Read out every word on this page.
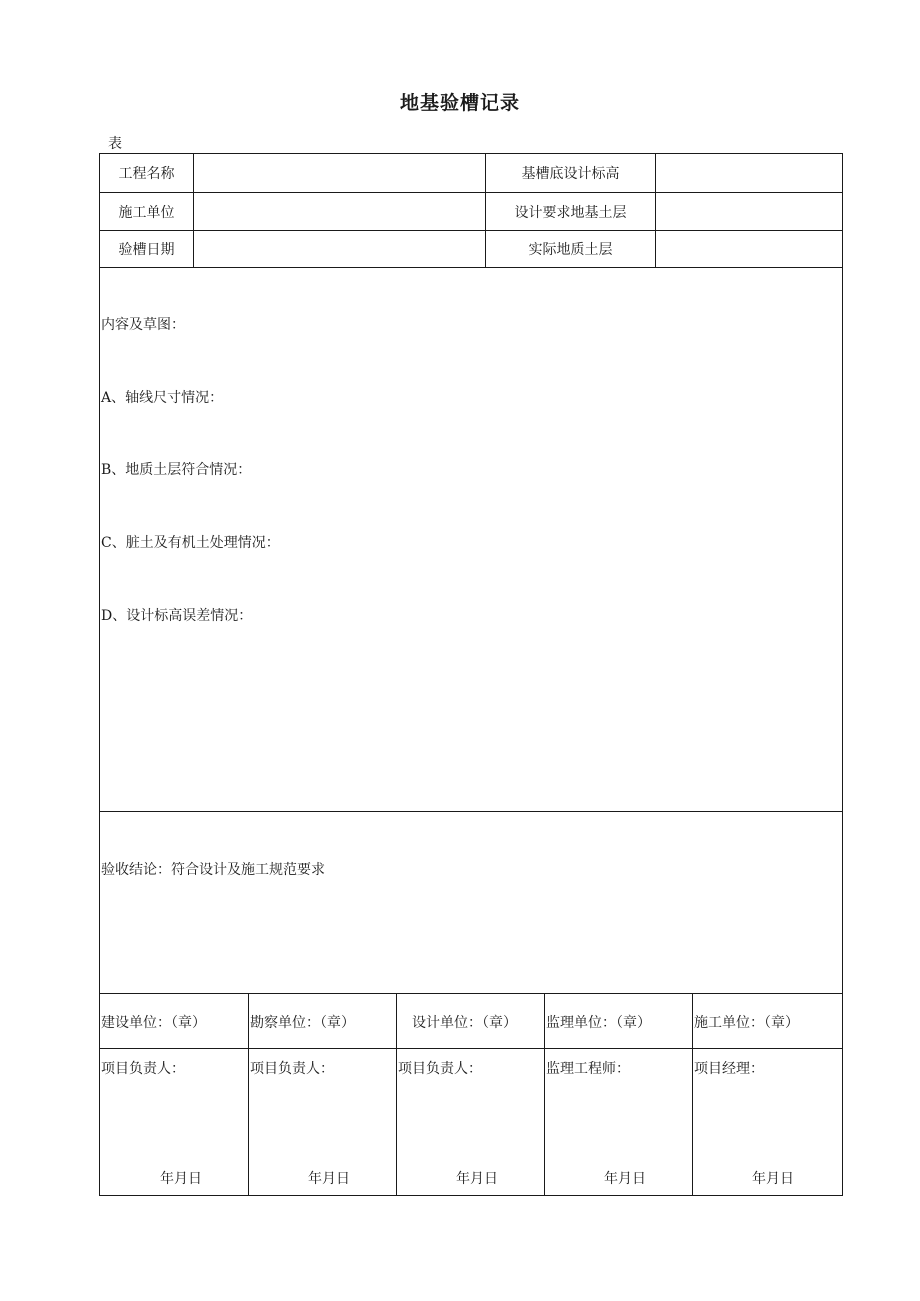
地基验槽记录
表
工程名称	基槽底设计标高
施工单位	设计要求地基土层
验槽日期	实际地质土层
内容及草图：
A、轴线尺寸情况：
B、地质土层符合情况：
C、脏土及有机土处理情况：
D、设计标高误差情况：
验收结论：符合设计及施工规范要求
建设单位：（章）	勘察单位：（章）	设计单位：（章） 监理单位：（章）	施工单位：（章）
项目负责人：	项目负责人：	项目负责人：	监理工程师：	项目经理：
年月日	年月日	年月日	年月日	年月日
